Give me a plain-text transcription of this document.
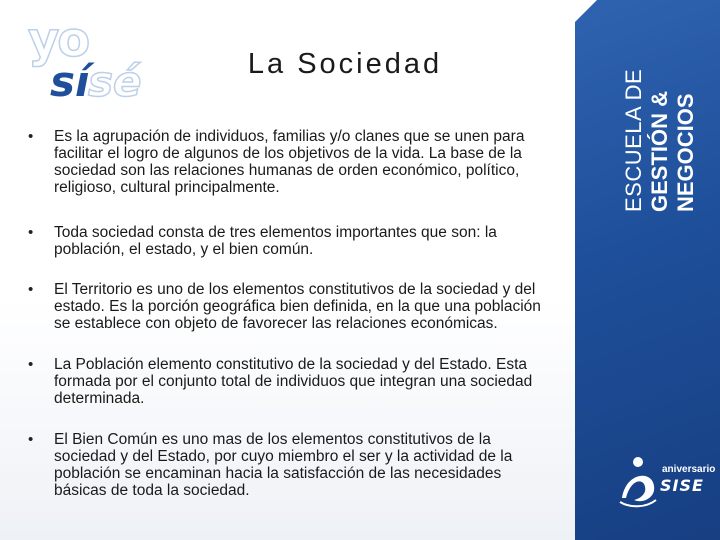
yo
sí
sé	La Sociedad
ESCUELA DE GESTIÓN & NEGOCIOS
aniversario
SISE
• Es la agrupación de individuos, familias y/o clanes que se unen para facilitar el logro de algunos de los objetivos de la vida. La base de la sociedad son las relaciones humanas de orden económico, político, religioso, cultural principalmente.
• Toda sociedad consta de tres elementos importantes que son: la población, el estado, y el bien común.
• El Territorio es uno de los elementos constitutivos de la sociedad y del estado. Es la porción geográfica bien definida, en la que una población se establece con objeto de favorecer las relaciones económicas.
• La Población elemento constitutivo de la sociedad y del Estado. Esta formada por el conjunto total de individuos que integran una sociedad determinada.
• El Bien Común es uno mas de los elementos constitutivos de la sociedad y del Estado, por cuyo miembro el ser y la actividad de la población se encaminan hacia la satisfacción de las necesidades básicas de toda la sociedad.
